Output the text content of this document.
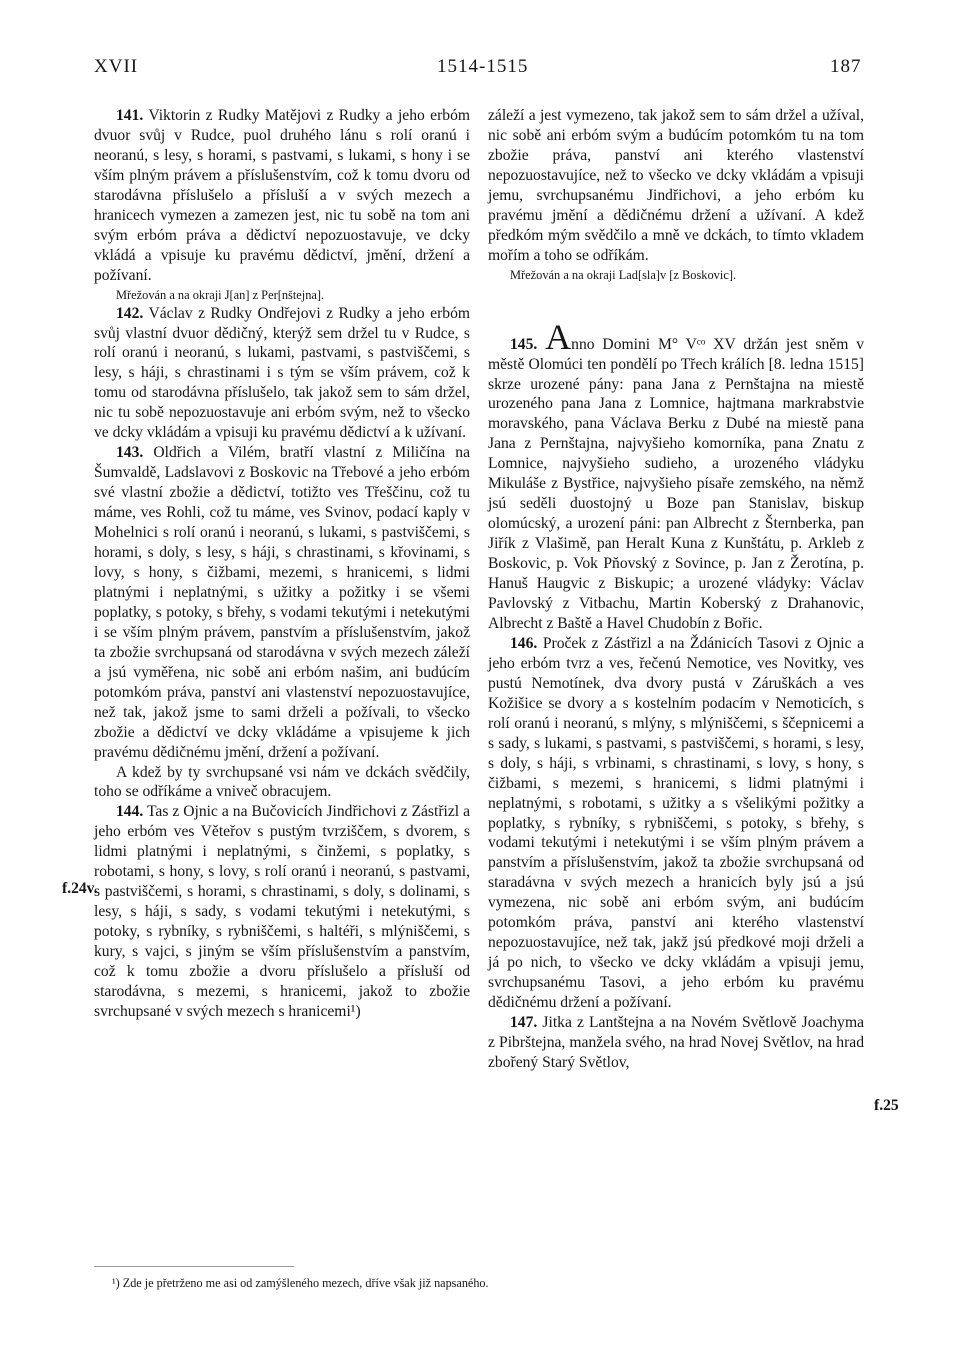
XVII	1514-1515	187
f.24v.
f.25

141. Viktorin z Rudky Matějovi z Rudky a jeho erbóm dvuor svůj v Rudce, puol druhého lánu s rolí oranú i neoranú, s lesy, s horami, s pastvami, s lukami, s hony i se vším plným právem a příslušenstvím, což k tomu dvoru od starodávna příslušelo a přísluší a v svých mezech a hranicech vymezen a zamezen jest, nic tu sobě na tom ani svým erbóm práva a dědictví nepozuostavuje, ve dcky vkládá a vpisuje ku pravému dědictví, jmění, držení a požívaní.

Mřežován a na okraji J[an] z Per[nštejna].

142. Václav z Rudky Ondřejovi z Rudky a jeho erbóm svůj vlastní dvuor dědičný, kterýž sem držel tu v Rudce, s rolí oranú i neoranú, s lukami, pastvami, s pastviščemi, s lesy, s háji, s chrastinami i s tým se vším právem, což k tomu od starodávna příslušelo, tak jakož sem to sám držel, nic tu sobě nepozuostavuje ani erbóm svým, než to všecko ve dcky vkládám a vpisuji ku pravému dědictví a k užívaní.

143. Oldřich a Vilém, bratří vlastní z Miličína na Šumvaldě, Ladslavovi z Boskovic na Třebové a jeho erbóm své vlastní zbožie a dědictví, totižto ves Třeščinu, což tu máme, ves Rohli, což tu máme, ves Svinov, podací kaply v Mohelnici s rolí oranú i neoranú, s lukami, s pastviščemi, s horami, s doly, s lesy, s háji, s chrastinami, s křovinami, s lovy, s hony, s čižbami, mezemi, s hranicemi, s lidmi platnými i neplatnými, s užitky a požitky i se všemi poplatky, s potoky, s břehy, s vodami tekutými i netekutými i se vším plným právem, panstvím a příslušenstvím, jakož ta zbožie svrchupsaná od starodávna v svých mezech záleží a jsú vyměřena, nic sobě ani erbóm našim, ani budúcím potomkóm práva, panství ani vlastenství nepozuostavujíce, než tak, jakož jsme to sami drželi a požívali, to všecko zbožie a dědictví ve dcky vkládáme a vpisujeme k jich pravému dědičnému jmění, držení a požívaní.

A kdež by ty svrchupsané vsi nám ve dckách svědčily, toho se odříkáme a vniveč obracujem.

144. Tas z Ojnic a na Bučovicích Jindřichovi z Zástřizl a jeho erbóm ves Věteřov s pustým tvrziščem, s dvorem, s lidmi platnými i neplatnými, s činžemi, s poplatky, s robotami, s hony, s lovy, s rolí oranú i neoranú, s pastvami, s pastviščemi, s horami, s chrastinami, s doly, s dolinami, s lesy, s háji, s sady, s vodami tekutými i netekutými, s potoky, s rybníky, s rybniščemi, s haltéři, s mlýniščemi, s kury, s vajci, s jiným se vším příslušenstvím a panstvím, což k tomu zbožie a dvoru příslušelo a přísluší od starodávna, s mezemi, s hranicemi, jakož to zbožie svrchupsané v svých mezech s hranicemi¹)

záleží a jest vymezeno, tak jakož sem to sám držel a užíval, nic sobě ani erbóm svým a budúcím potomkóm tu na tom zbožie práva, panství ani kterého vlastenství nepozuostavujíce, než to všecko ve dcky vkládám a vpisuji jemu, svrchupsanému Jindřichovi, a jeho erbóm ku pravému jmění a dědičnému držení a užívaní. A kdež předkóm mým svědčilo a mně ve dckách, to tímto vkladem mořím a toho se odříkám.

Mřežován a na okraji Lad[sla]v [z Boskovic].

145. Anno Domini M° Vᶜᵒ XV držán jest sněm v městě Olomúci ten pondělí po Třech králích [8. ledna 1515] skrze urozené pány: pana Jana z Pernštajna na miestě urozeného pana Jana z Lomnice, hajtmana markrabstvie moravského, pana Václava Berku z Dubé na miestě pana Jana z Pernštajna, najvyšieho komorníka, pana Znatu z Lomnice, najvyšieho sudieho, a urozeného vládyku Mikuláše z Bystřice, najvyšieho písaře zemského, na němž jsú seděli duostojný u Boze pan Stanislav, biskup olomúcský, a urození páni: pan Albrecht z Šternberka, pan Jiřík z Vlašimě, pan Heralt Kuna z Kunštátu, p. Arkleb z Boskovic, p. Vok Pňovský z Sovince, p. Jan z Žerotína, p. Hanuš Haugvic z Biskupic; a urozené vládyky: Václav Pavlovský z Vitbachu, Martin Koberský z Drahanovic, Albrecht z Baště a Havel Chudobín z Bořic.

146. Proček z Zástřizl a na Ždánicích Tasovi z Ojnic a jeho erbóm tvrz a ves, řečenú Nemotice, ves Novitky, ves pustú Nemotínek, dva dvory pustá v Záruškách a ves Kožišice se dvory a s kostelním podacím v Nemoticích, s rolí oranú i neoranú, s mlýny, s mlýniščemi, s ščepnicemi a s sady, s lukami, s pastvami, s pastviščemi, s horami, s lesy, s doly, s háji, s vrbinami, s chrastinami, s lovy, s hony, s čižbami, s mezemi, s hranicemi, s lidmi platnými i neplatnými, s robotami, s užitky a s všelikými požitky a poplatky, s rybníky, s rybniščemi, s potoky, s břehy, s vodami tekutými i netekutými i se vším plným právem a panstvím a příslušenstvím, jakož ta zbožie svrchupsaná od staradávna v svých mezech a hranicích byly jsú a jsú vymezena, nic sobě ani erbóm svým, ani budúcím potomkóm práva, panství ani kterého vlastenství nepozuostavujíce, než tak, jakž jsú předkové moji drželi a já po nich, to všecko ve dcky vkládám a vpisuji jemu, svrchupsanému Tasovi, a jeho erbóm ku pravému dědičnému držení a požívaní.

147. Jitka z Lantštejna a na Novém Světlově Joachyma z Pibrštejna, manžela svého, na hrad Novej Světlov, na hrad zbořený Starý Světlov,

¹) Zde je přetrženo me asi od zamýšleného mezech, dříve však již napsaného.
